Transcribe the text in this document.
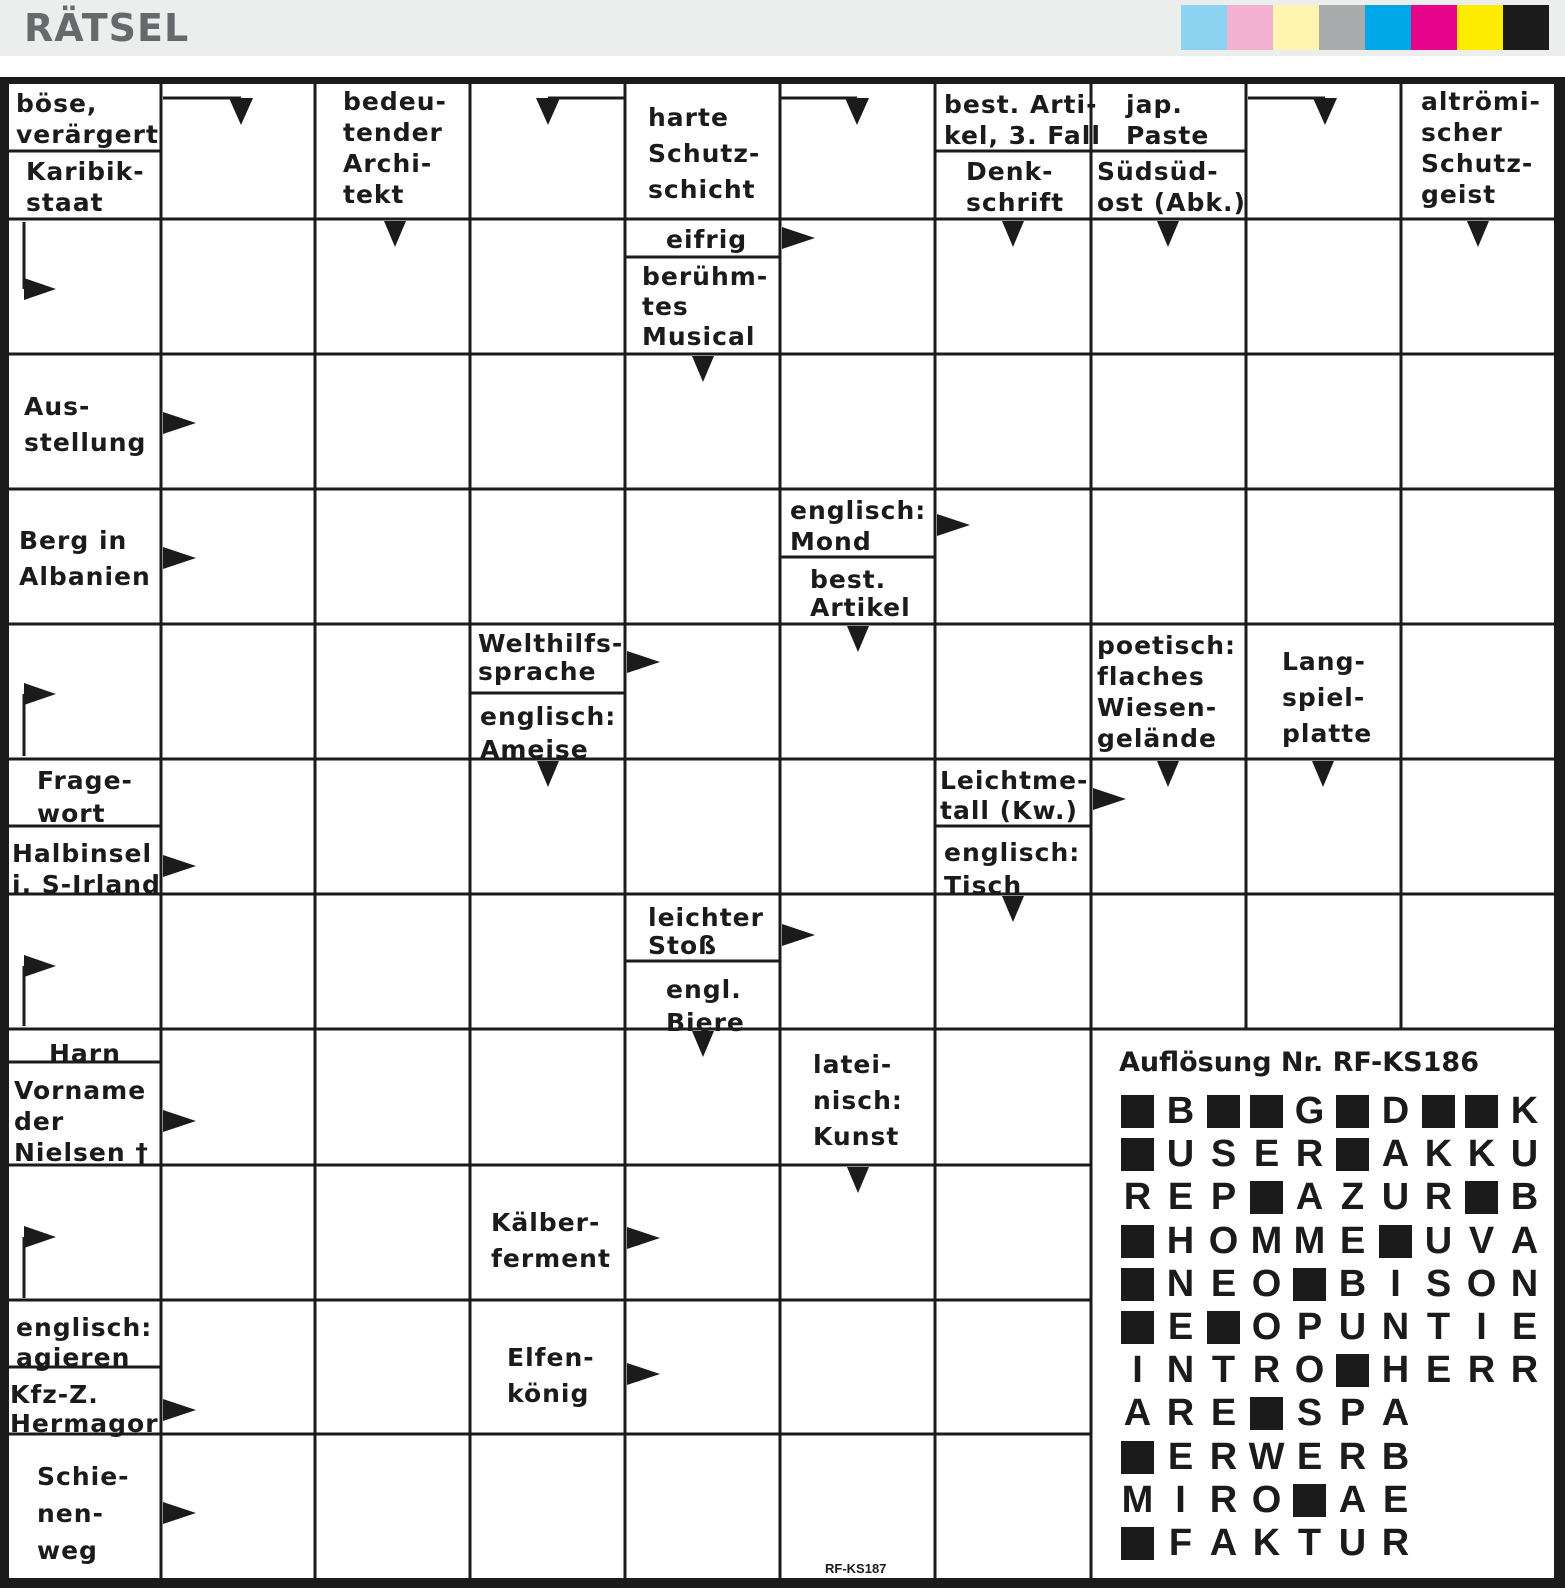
RÄTSEL
böse,
verärgert
Karibik-
staat
bedeu-
tender
Archi-
tekt
harte
Schutz-
schicht
best. Arti-
kel, 3. Fall
Denk-
schrift
jap.
Paste
Südsüd-
ost (Abk.)
altrömi-
scher
Schutz-
geist
eifrig
berühm-
tes
Musical
Aus-
stellung
Berg in
Albanien
englisch:
Mond
best.
Artikel
Welthilfs-
sprache
englisch:
Ameise
poetisch:
flaches
Wiesen-
gelände
Lang-
spiel-
platte
Frage-
wort
Halbinsel
i. S-Irland
Leichtme-
tall (Kw.)
englisch:
Tisch
leichter
Stoß
engl.
Biere
Harn
Vorname
der
Nielsen †
latei-
nisch:
Kunst
Kälber-
ferment
englisch:
agieren
Kfz-Z.
Hermagor
Elfen-
könig
Schie-
nen-
weg
Auflösung Nr. RF-KS186
B	G D	K
U S E R A K K U
R E P A Z U R B
H O M M E U V A
N E O B I S O N
E O P U N T I E
I N T R O H E R R
A R E S P A
E R W E R B
M I R O A E
F A K T U R
RF-KS187
